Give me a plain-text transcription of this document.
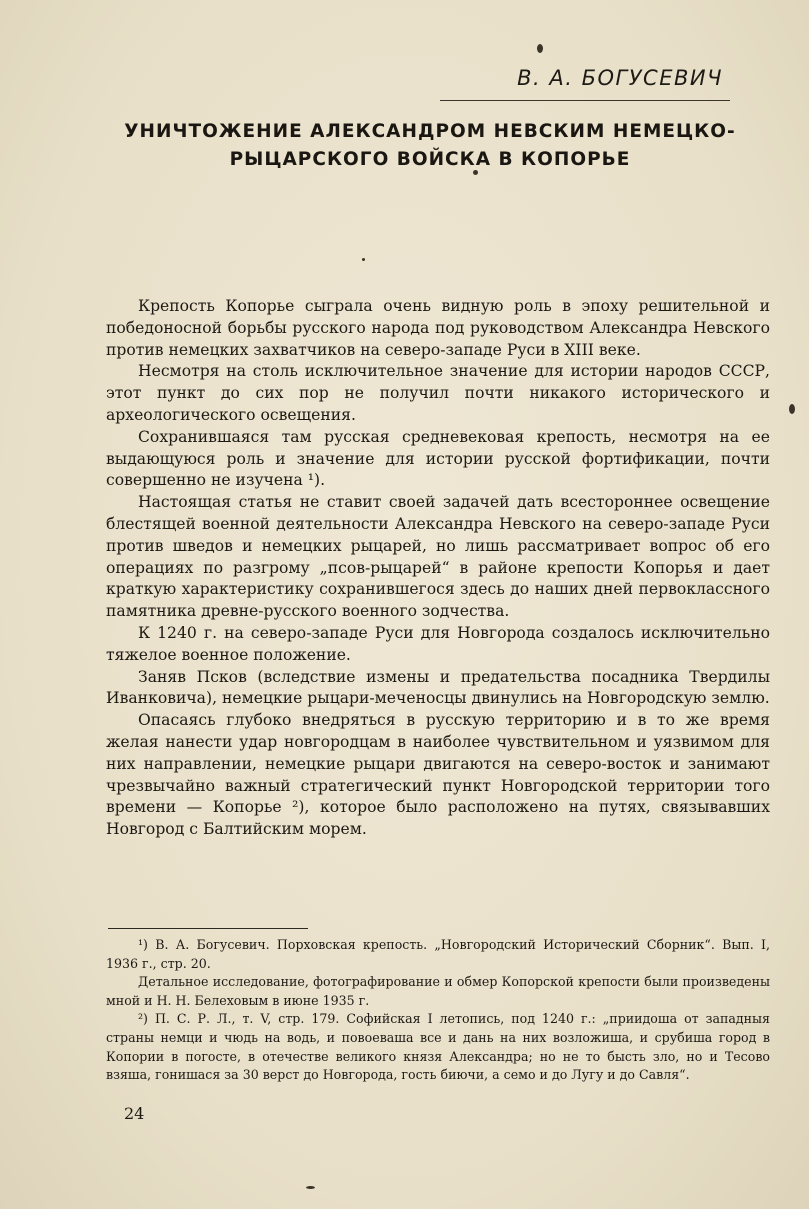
В. А. БОГУСЕВИЧ
УНИЧТОЖЕНИЕ АЛЕКСАНДРОМ НЕВСКИМ НЕМЕЦКО-
РЫЦАРСКОГО ВОЙСКА В КОПОРЬЕ

Крепость Копорье сыграла очень видную роль в эпоху решительной и победоносной борьбы русского народа под руководством Александра Невского против немецких захватчиков на северо-западе Руси в XIII веке.

Несмотря на столь исключительное значение для истории народов СССР, этот пункт до сих пор не получил почти никакого исторического и археологического освещения.

Сохранившаяся там русская средневековая крепость, несмотря на ее выдающуюся роль и значение для истории русской фортификации, почти совершенно не изучена ¹).

Настоящая статья не ставит своей задачей дать всестороннее освещение блестящей военной деятельности Александра Невского на северо-западе Руси против шведов и немецких рыцарей, но лишь рассматривает вопрос об его операциях по разгрому „псов-рыцарей“ в районе крепости Копорья и дает краткую характеристику сохранившегося здесь до наших дней первоклассного памятника древне-русского военного зодчества.

К 1240 г. на северо-западе Руси для Новгорода создалось исключительно тяжелое военное положение.

Заняв Псков (вследствие измены и предательства посадника Твердилы Иванковича), немецкие рыцари-меченосцы двинулись на Новгородскую землю.

Опасаясь глубоко внедряться в русскую территорию и в то же время желая нанести удар новгородцам в наиболее чувствительном и уязвимом для них направлении, немецкие рыцари двигаются на северо-восток и занимают чрезвычайно важный стратегический пункт Новгородской территории того времени — Копорье ²), которое было расположено на путях, связывавших Новгород с Балтийским морем.

¹) В. А. Богусевич. Порховская крепость. „Новгородский Исторический Сборник“. Вып. I, 1936 г., стр. 20.

Детальное исследование, фотографирование и обмер Копорской крепости были произведены мной и Н. Н. Белеховым в июне 1935 г.

²) П. С. Р. Л., т. V, стр. 179. Софийская I летопись, под 1240 г.: „приидоша от западныя страны немци и чюдь на водь, и повоеваша все и дань на них возложиша, и срубиша город в Копории в погосте, в отечестве великого князя Александра; но не то бысть зло, но и Тесово взяша, гонишася за 30 верст до Новгорода, гость биючи, а семо и до Лугу и до Савля“.

24
